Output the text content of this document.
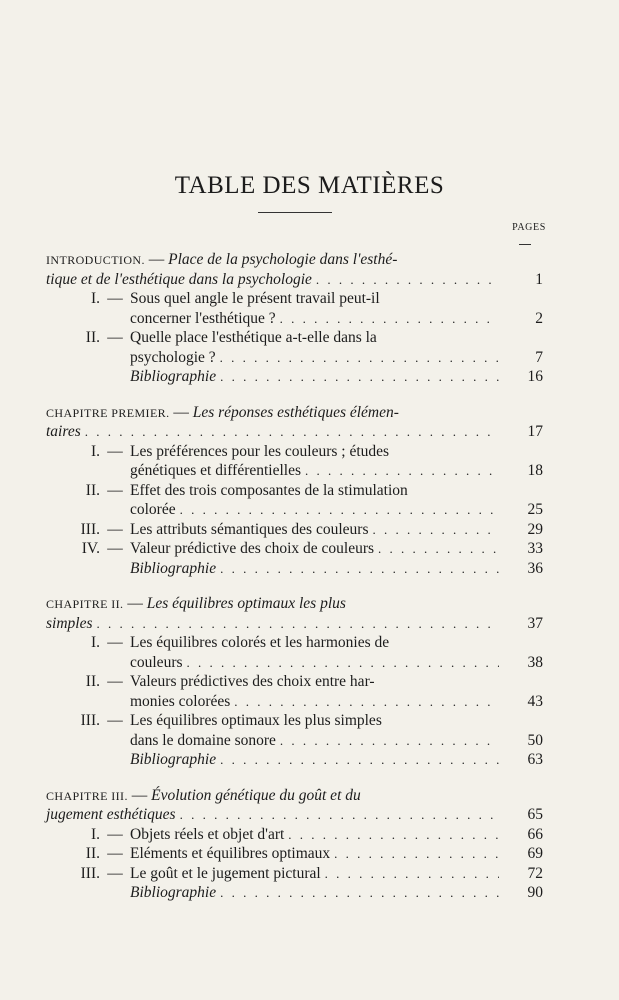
TABLE DES MATIÈRES
PAGES
INTRODUCTION. — Place de la psychologie dans l'esthé-
tique et de l'esthétique dans la psychologie . . .	1
I. — Sous quel angle le présent travail peut-il
concerner l'esthétique ? . . .	2
II. — Quelle place l'esthétique a-t-elle dans la
psychologie ? . . .	7
Bibliographie . . .	16
CHAPITRE PREMIER. — Les réponses esthétiques élémen-
taires . . .	17
I. — Les préférences pour les couleurs ; études
génétiques et différentielles . . .	18
II. — Effet des trois composantes de la stimulation
colorée . . .	25
III. — Les attributs sémantiques des couleurs . . .	29
IV. — Valeur prédictive des choix de couleurs . . .	33
Bibliographie . . .	36
CHAPITRE II. — Les équilibres optimaux les plus
simples . . .	37
I. — Les équilibres colorés et les harmonies de
couleurs . . .	38
II. — Valeurs prédictives des choix entre har-
monies colorées . . .	43
III. — Les équilibres optimaux les plus simples
dans le domaine sonore . . .	50
Bibliographie . . .	63
CHAPITRE III. — Évolution génétique du goût et du
jugement esthétiques . . .	65
I. — Objets réels et objet d'art . . .	66
II. — Eléments et équilibres optimaux . . .	69
III. — Le goût et le jugement pictural . . .	72
Bibliographie . . .	90
